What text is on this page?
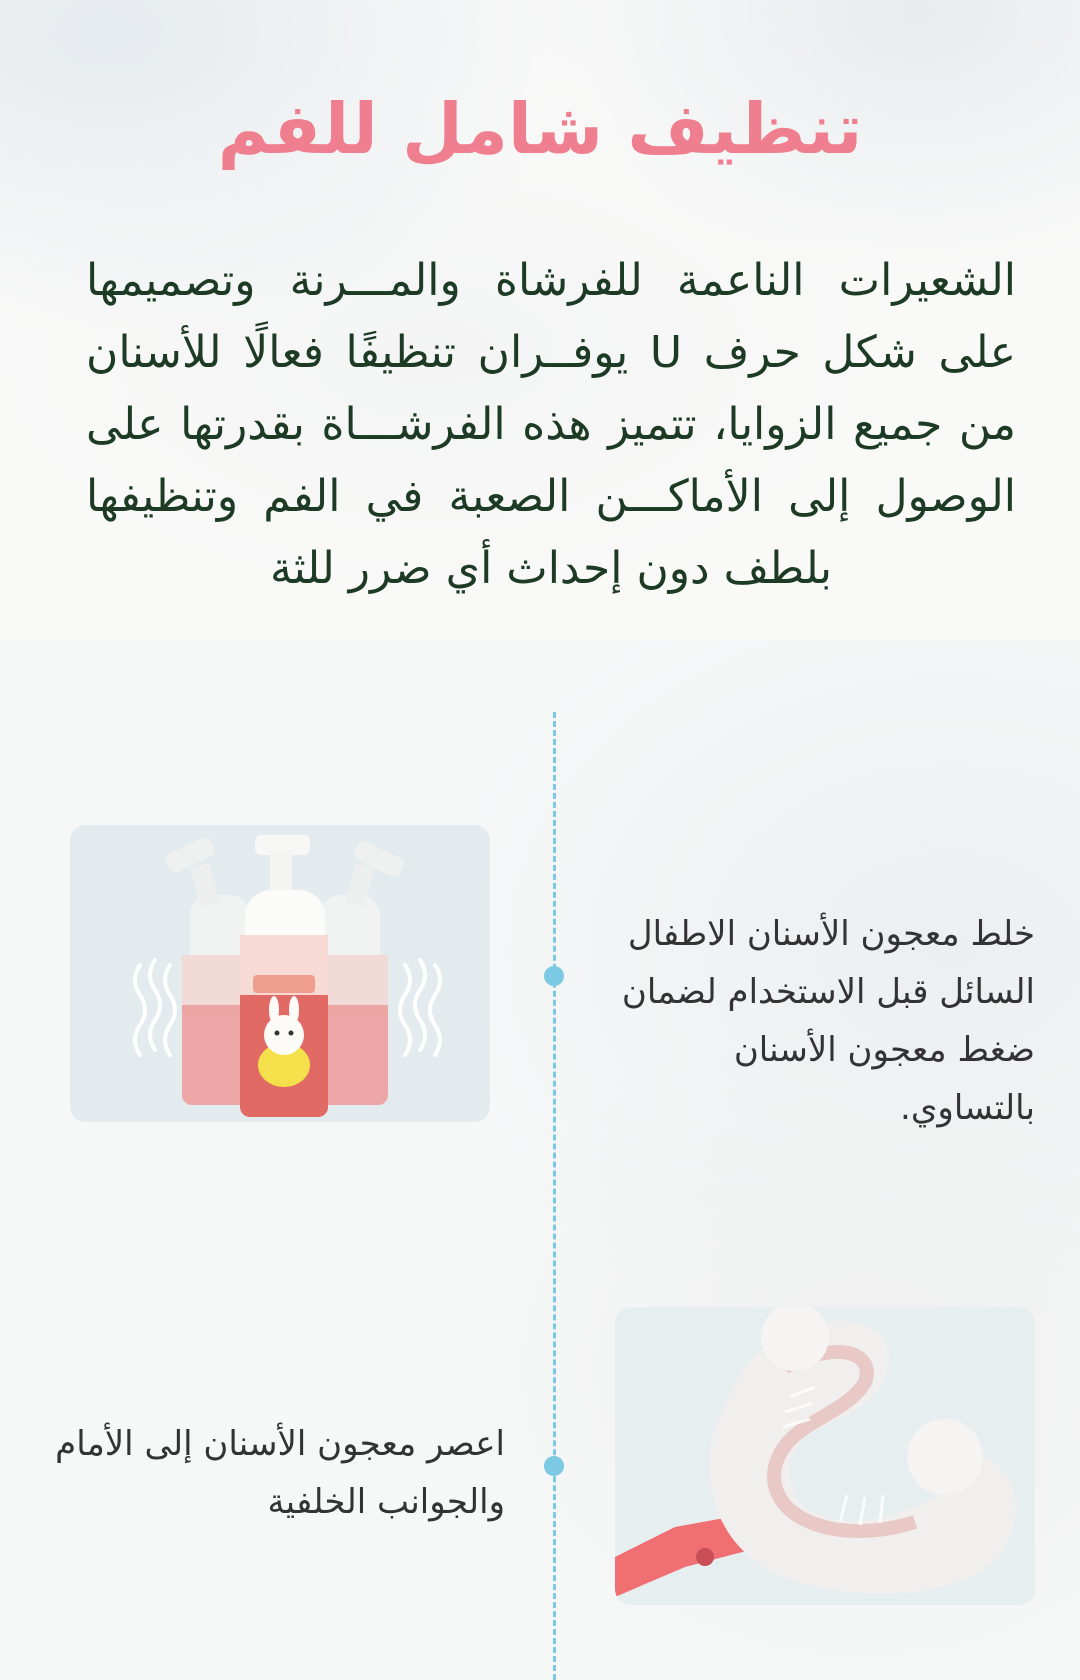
تنظيف شامل للفم

الشعيرات الناعمة للفرشاة والمـــرنة وتصميمها على شكل حرف U يوفــران تنظيفًا فعالًا للأسنان من جميع الزوايا، تتميز هذه الفرشـــاة بقدرتها على الوصول إلى الأماكـــن الصعبة في الفم وتنظيفها بلطف دون إحداث أي ضرر للثة

خلط معجون الأسنان الاطفال السائل قبل الاستخدام لضمان ضغط معجون الأسنان بالتساوي.
اعصر معجون الأسنان إلى الأمام والجوانب الخلفية
